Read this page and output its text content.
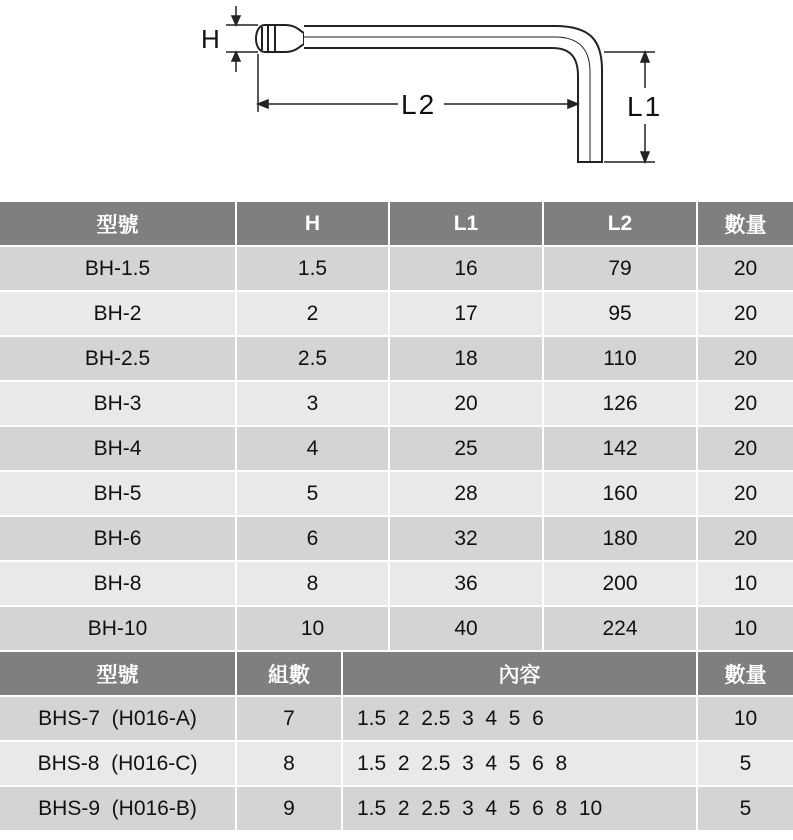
H
L2	L1
型號	H	L1	L2	數量
BH-1.5	1.5	16	79	20
BH-2	2	17	95	20
BH-2.5	2.5	18	110	20
BH-3	3	20	126	20
BH-4	4	25	142	20
BH-5	5	28	160	20
BH-6	6	32	180	20
BH-8	8	36	200	10
BH-10	10	40	224	10
型號	組數	內容	數量
BHS-7  (H016-A)	7	1.5  2  2.5  3  4  5  6	10
BHS-8  (H016-C)	8	1.5  2  2.5  3  4  5  6  8	5
BHS-9  (H016-B)	9	1.5  2  2.5  3  4  5  6  8  10	5
